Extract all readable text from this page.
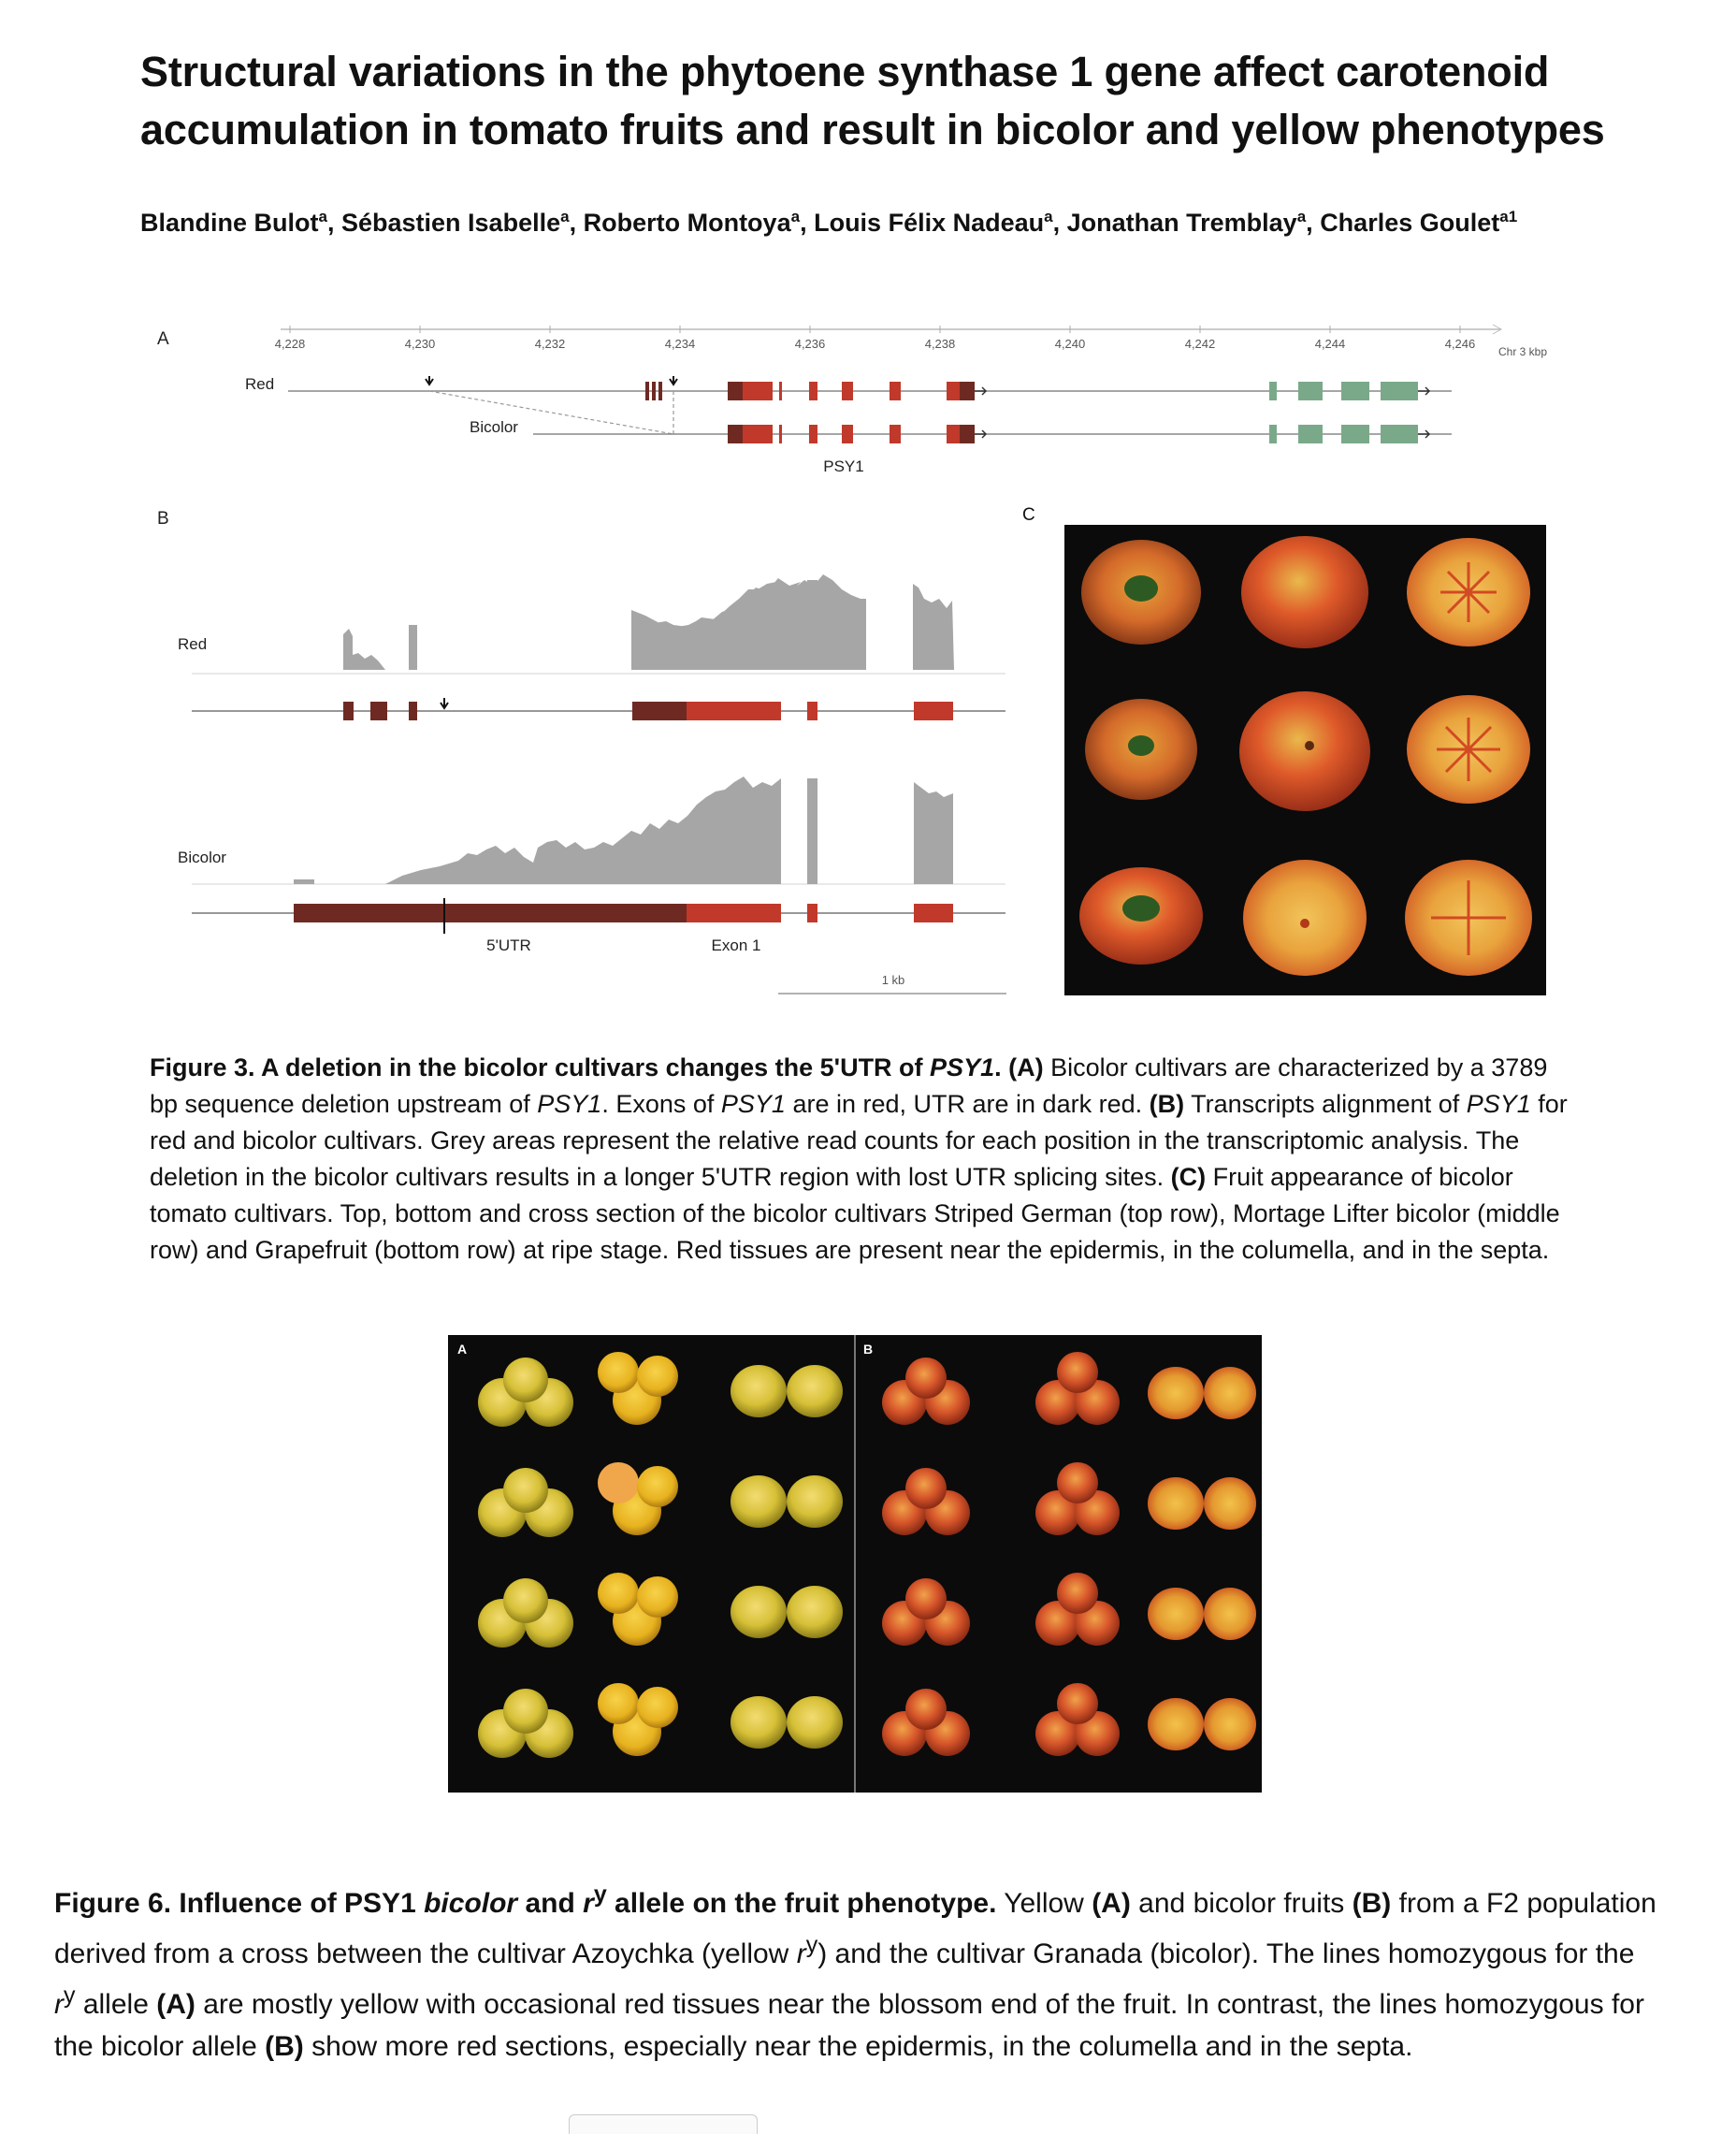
Structural variations in the phytoene synthase 1 gene affect carotenoid
accumulation in tomato fruits and result in bicolor and yellow phenotypes
Blandine Bulot$^a$, Sébastien Isabelle$^a$, Roberto Montoya$^a$, Louis Félix Nadeau$^a$, Jonathan Tremblay$^a$, Charles Goulet$^{a1}$
A	4,228	4,230	4,232	4,234	4,236	4,238
Red
Bicolor
PSY1
B
Red
Bicolor
5'UTR	Exon 1
1 kb
4,240	4,242	4,244	4,246
Chr 3 kbp
C
Figure 3. A deletion in the bicolor cultivars changes the 5'UTR of PSY1. (A) Bicolor cultivars are characterized by a 3789 bp sequence deletion upstream of PSY1. Exons of PSY1 are in red, UTR are in dark red. (B) Transcripts alignment of PSY1 for red and bicolor cultivars. Grey areas represent the relative read counts for each position in the transcriptomic analysis. The deletion in the bicolor cultivars results in a longer 5'UTR region with lost UTR splicing sites. (C) Fruit appearance of bicolor tomato cultivars. Top, bottom and cross section of the bicolor cultivars Striped German (top row), Mortage Lifter bicolor (middle row) and Grapefruit (bottom row) at ripe stage. Red tissues are present near the epidermis, in the columella, and in the septa.
A	B
Figure 6. Influence of PSY1 bicolor and $r^y$ allele on the fruit phenotype. Yellow (A) and bicolor fruits (B) from a F2 population derived from a cross between the cultivar Azoychka (yellow $r^y$) and the cultivar Granada (bicolor). The lines homozygous for the $r^y$ allele (A) are mostly yellow with occasional red tissues near the blossom end of the fruit. In contrast, the lines homozygous for the bicolor allele (B) show more red sections, especially near the epidermis, in the columella and in the septa.
